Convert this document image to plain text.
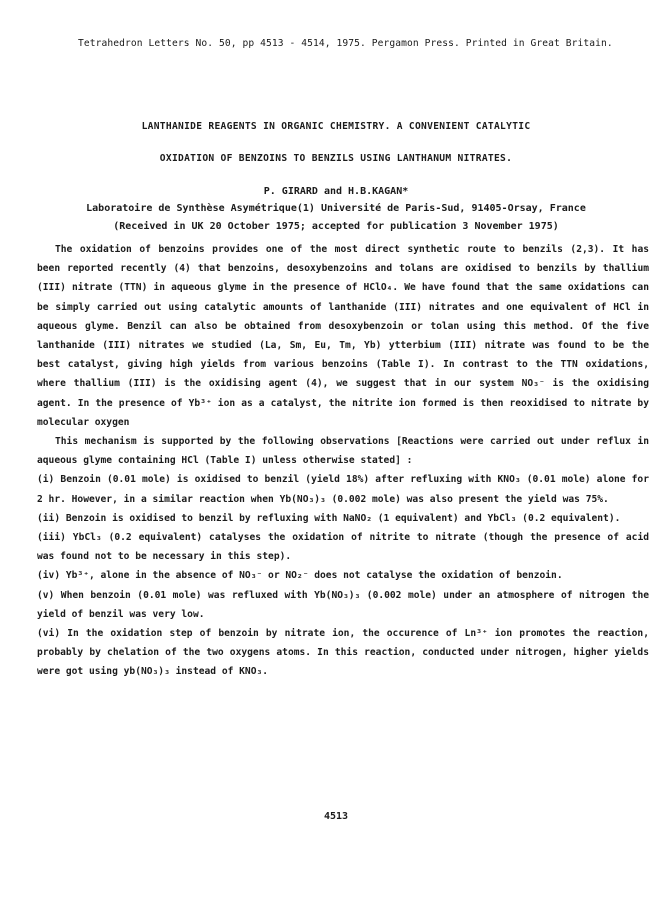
Tetrahedron Letters No. 50, pp 4513 - 4514, 1975. Pergamon Press. Printed in Great Britain.
LANTHANIDE REAGENTS IN ORGANIC CHEMISTRY. A CONVENIENT CATALYTIC
OXIDATION OF BENZOINS TO BENZILS USING LANTHANUM NITRATES.
P. GIRARD and H.B.KAGAN*
Laboratoire de Synthèse Asymétrique(1) Université de Paris-Sud, 91405-Orsay, France
(Received in UK 20 October 1975; accepted for publication 3 November 1975)

The oxidation of benzoins provides one of the most direct synthetic route to benzils (2,3). It has been reported recently (4) that benzoins, desoxybenzoins and tolans are oxidised to benzils by thallium (III) nitrate (TTN) in aqueous glyme in the presence of HClO₄. We have found that the same oxidations can be simply carried out using catalytic amounts of lanthanide (III) nitrates and one equivalent of HCl in aqueous glyme. Benzil can also be obtained from desoxybenzoin or tolan using this method. Of the five lanthanide (III) nitrates we studied (La, Sm, Eu, Tm, Yb) ytterbium (III) nitrate was found to be the best catalyst, giving high yields from various benzoins (Table I). In contrast to the TTN oxidations, where thallium (III) is the oxidising agent (4), we suggest that in our system NO₃⁻ is the oxidising agent. In the presence of Yb³⁺ ion as a catalyst, the nitrite ion formed is then reoxidised to nitrate by molecular oxygen

This mechanism is supported by the following observations [Reactions were carried out under reflux in aqueous glyme containing HCl (Table I) unless otherwise stated] :

(i) Benzoin (0.01 mole) is oxidised to benzil (yield 18%) after refluxing with KNO₃ (0.01 mole) alone for 2 hr. However, in a similar reaction when Yb(NO₃)₃ (0.002 mole) was also present the yield was 75%.

(ii) Benzoin is oxidised to benzil by refluxing with NaNO₂ (1 equivalent) and YbCl₃ (0.2 equivalent).

(iii) YbCl₃ (0.2 equivalent) catalyses the oxidation of nitrite to nitrate (though the presence of acid was found not to be necessary in this step).

(iv) Yb³⁺, alone in the absence of NO₃⁻ or NO₂⁻ does not catalyse the oxidation of benzoin.

(v) When benzoin (0.01 mole) was refluxed with Yb(NO₃)₃ (0.002 mole) under an atmosphere of nitrogen the yield of benzil was very low.

(vi) In the oxidation step of benzoin by nitrate ion, the occurence of Ln³⁺ ion promotes the reaction, probably by chelation of the two oxygens atoms. In this reaction, conducted under nitrogen, higher yields were got using yb(NO₃)₃ instead of KNO₃.

4513
